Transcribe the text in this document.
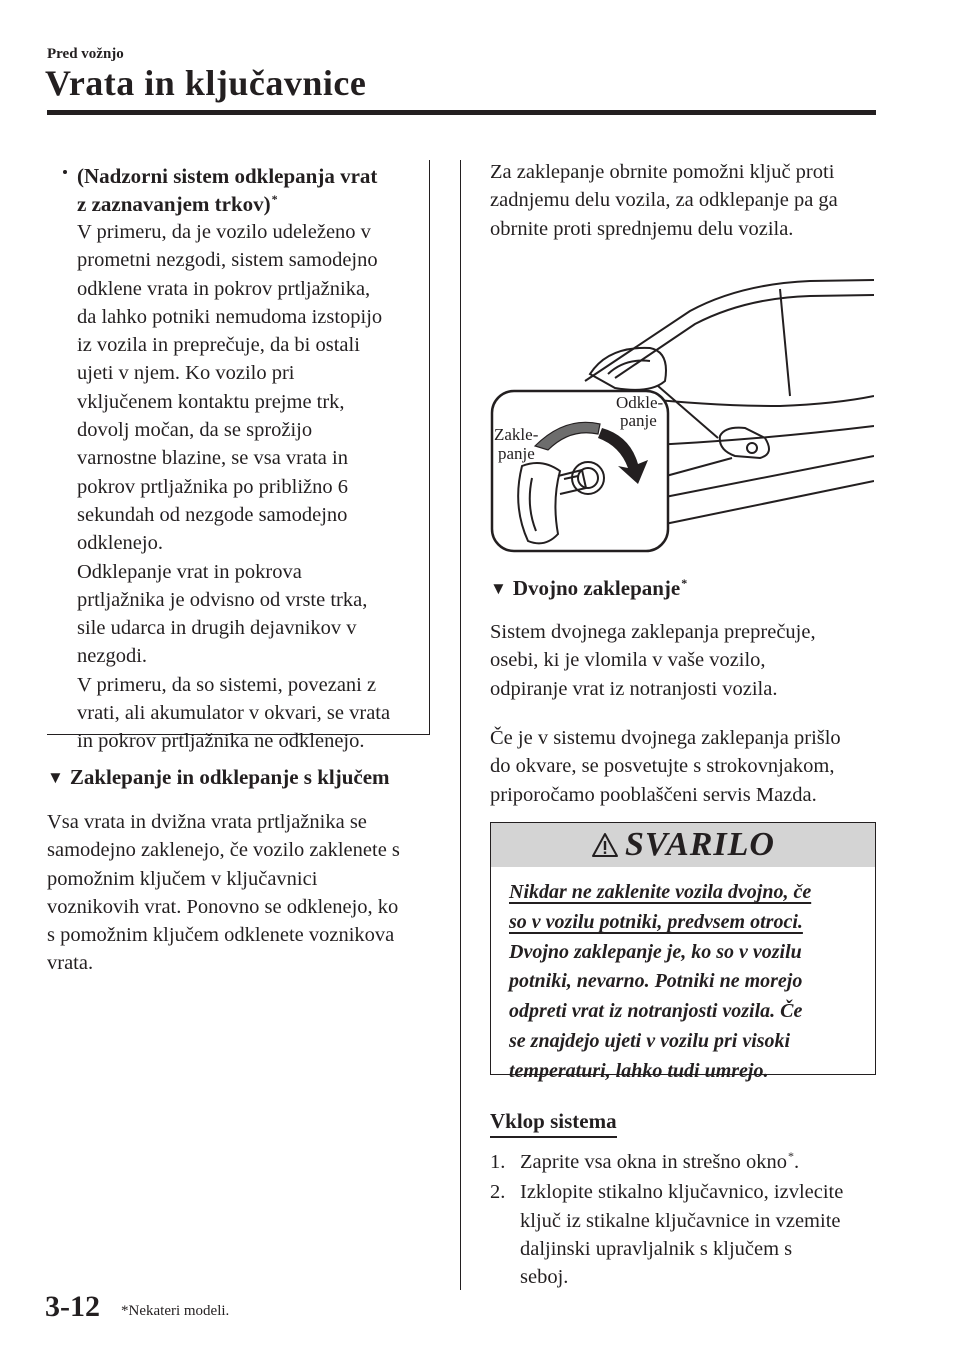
Pred vožnjo
Vrata in ključavnice
(Nadzorni sistem odklepanja vrat
z zaznavanjem trkov)*
V primeru, da je vozilo udeleženo v
prometni nezgodi, sistem samodejno
odklene vrata in pokrov prtljažnika,
da lahko potniki nemudoma izstopijo
iz vozila in preprečuje, da bi ostali
ujeti v njem. Ko vozilo pri
vključenem kontaktu prejme trk,
dovolj močan, da se sprožijo
varnostne blazine, se vsa vrata in
pokrov prtljažnika po približno 6
sekundah od nezgode samodejno
odklenejo.
Odklepanje vrat in pokrova
prtljažnika je odvisno od vrste trka,
sile udarca in drugih dejavnikov v
nezgodi.
V primeru, da so sistemi, povezani z
vrati, ali akumulator v okvari, se vrata
in pokrov prtljažnika ne odklenejo.
▼ Zaklepanje in odklepanje s ključem
Vsa vrata in dvižna vrata prtljažnika se
samodejno zaklenejo, če vozilo zaklenete s
pomožnim ključem v ključavnici
voznikovih vrat. Ponovno se odklenejo, ko
s pomožnim ključem odklenete voznikova
vrata.
Za zaklepanje obrnite pomožni ključ proti
zadnjemu delu vozila, za odklepanje pa ga
obrnite proti sprednjemu delu vozila.
Zakle-
panje
Odkle-
panje
▼ Dvojno zaklepanje*
Sistem dvojnega zaklepanja preprečuje,
osebi, ki je vlomila v vaše vozilo,
odpiranje vrat iz notranjosti vozila.
Če je v sistemu dvojnega zaklepanja prišlo
do okvare, se posvetujte s strokovnjakom,
priporočamo pooblaščeni servis Mazda.
SVARILO
Nikdar ne zaklenite vozila dvojno, če
so v vozilu potniki, predvsem otroci.
Dvojno zaklepanje je, ko so v vozilu
potniki, nevarno. Potniki ne morejo
odpreti vrat iz notranjosti vozila. Če
se znajdejo ujeti v vozilu pri visoki
temperaturi, lahko tudi umrejo.
Vklop sistema
1. Zaprite vsa okna in strešno okno*.
2. Izklopite stikalno ključavnico, izvlecite
ključ iz stikalne ključavnice in vzemite
daljinski upravljalnik s ključem s
seboj.
3-12 *Nekateri modeli.
